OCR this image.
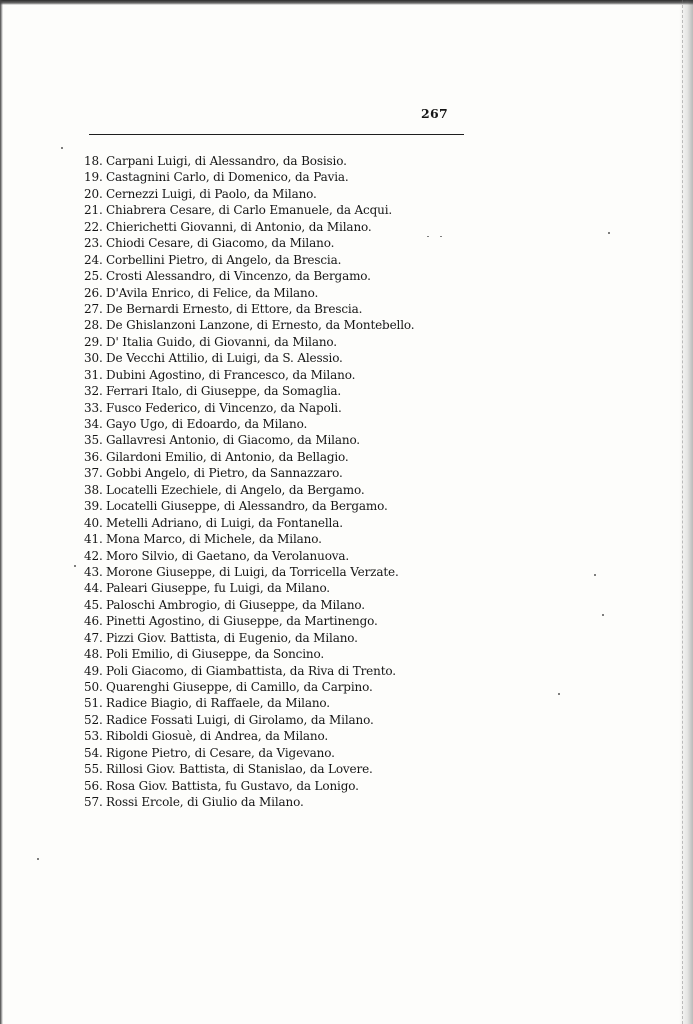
267
18. Carpani Luigi, di Alessandro, da Bosisio.
19. Castagnini Carlo, di Domenico, da Pavia.
20. Cernezzi Luigi, di Paolo, da Milano.
21. Chiabrera Cesare, di Carlo Emanuele, da Acqui.
22. Chierichetti Giovanni, di Antonio, da Milano.
23. Chiodi Cesare, di Giacomo, da Milano.
24. Corbellini Pietro, di Angelo, da Brescia.
25. Crosti Alessandro, di Vincenzo, da Bergamo.
26. D'Avila Enrico, di Felice, da Milano.
27. De Bernardi Ernesto, di Ettore, da Brescia.
28. De Ghislanzoni Lanzone, di Ernesto, da Montebello.
29. D' Italia Guido, di Giovanni, da Milano.
30. De Vecchi Attilio, di Luigi, da S. Alessio.
31. Dubini Agostino, di Francesco, da Milano.
32. Ferrari Italo, di Giuseppe, da Somaglia.
33. Fusco Federico, di Vincenzo, da Napoli.
34. Gayo Ugo, di Edoardo, da Milano.
35. Gallavresi Antonio, di Giacomo, da Milano.
36. Gilardoni Emilio, di Antonio, da Bellagio.
37. Gobbi Angelo, di Pietro, da Sannazzaro.
38. Locatelli Ezechiele, di Angelo, da Bergamo.
39. Locatelli Giuseppe, di Alessandro, da Bergamo.
40. Metelli Adriano, di Luigi, da Fontanella.
41. Mona Marco, di Michele, da Milano.
42. Moro Silvio, di Gaetano, da Verolanuova.
43. Morone Giuseppe, di Luigi, da Torricella Verzate.
44. Paleari Giuseppe, fu Luigi, da Milano.
45. Paloschi Ambrogio, di Giuseppe, da Milano.
46. Pinetti Agostino, di Giuseppe, da Martinengo.
47. Pizzi Giov. Battista, di Eugenio, da Milano.
48. Poli Emilio, di Giuseppe, da Soncino.
49. Poli Giacomo, di Giambattista, da Riva di Trento.
50. Quarenghi Giuseppe, di Camillo, da Carpino.
51. Radice Biagio, di Raffaele, da Milano.
52. Radice Fossati Luigi, di Girolamo, da Milano.
53. Riboldi Giosuè, di Andrea, da Milano.
54. Rigone Pietro, di Cesare, da Vigevano.
55. Rillosi Giov. Battista, di Stanislao, da Lovere.
56. Rosa Giov. Battista, fu Gustavo, da Lonigo.
57. Rossi Ercole, di Giulio da Milano.
